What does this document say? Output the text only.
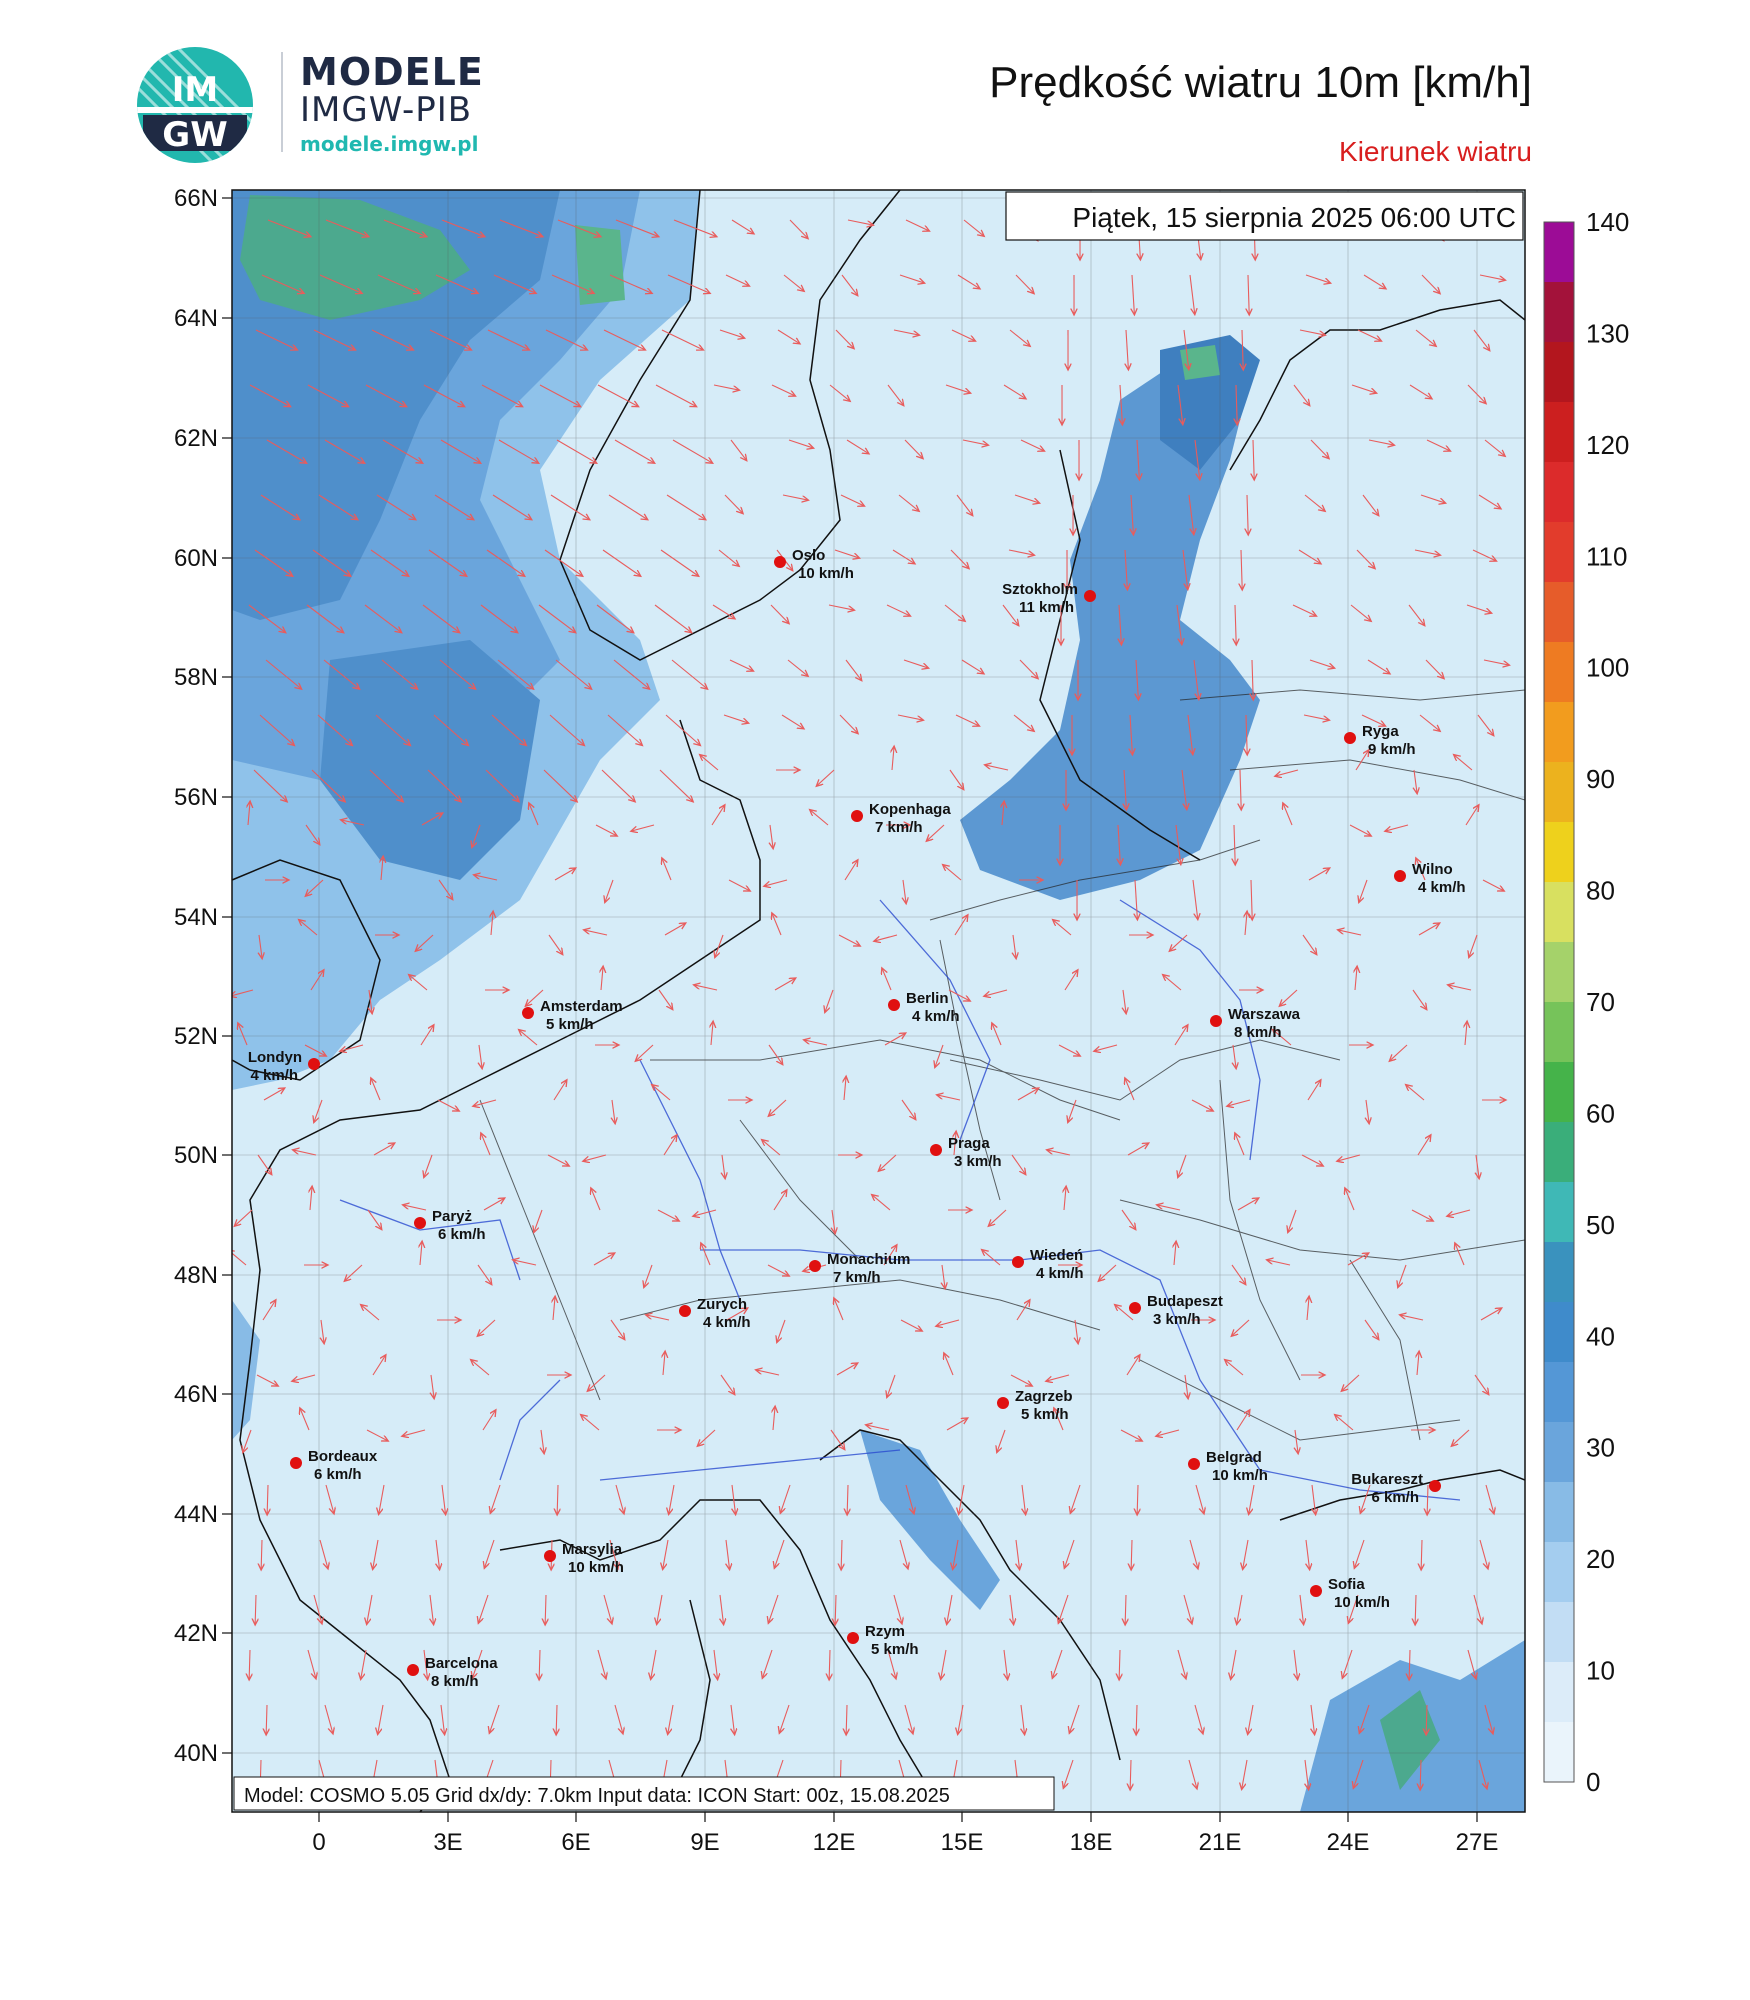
IM
GW
MODELE
IMGW-PIB
modele.imgw.pl
Prędkość wiatru 10m [km/h]
Kierunek wiatru
Piątek, 15 sierpnia 2025 06:00 UTC
Model: COSMO 5.05 Grid dx/dy: 7.0km Input data: ICON Start: 00z, 15.08.2025
66N
64N
62N
60N
58N
56N
54N
52N
50N
48N
46N
44N
42N
40N
0	3E	6E	9E	12E	15E	18E	21E	24E	27E
Oslo
10 km/h
Sztokholm
11 km/h
Ryga
9 km/h
Kopenhaga
7 km/h
Wilno
4 km/h
Amsterdam
5 km/h
Berlin
4 km/h	Warszawa
8 km/h
Londyn
4 km/h
Praga
3 km/h
Paryż
6 km/h
Monachium
7 km/h
Wiedeń
4 km/h
Zurych
4 km/h
Budapeszt
3 km/h
Zagrzeb
5 km/h
Bordeaux
6 km/h
Belgrad
10 km/h	Bukareszt
6 km/h
Marsylia
10 km/h
Sofia
10 km/h
Rzym
5 km/h
Barcelona
8 km/h
140
130
120
110
100
90
80
70
60
50
40
30
20
10
0
